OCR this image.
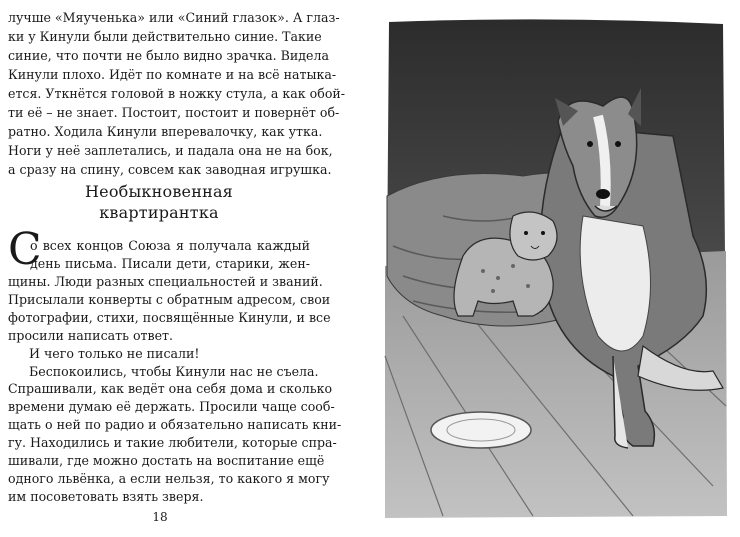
лучше «Мяученька» или «Синий глазок». А глаз-
ки у Кинули были действительно синие. Такие
синие, что почти не было видно зрачка. Видела
Кинули плохо. Идёт по комнате и на всё натыка-
ется. Уткнётся головой в ножку стула, а как обой-
ти её – не знает. Постоит, постоит и повернёт об-
ратно. Ходила Кинули вперевалочку, как утка.
Ноги у неё заплетались, и падала она не на бок,
а сразу на спину, совсем как заводная игрушка.
Необыкновенная
квартирантка
С
о всех концов Союза я получала каждый
день письма. Писали дети, старики, жен-
щины. Люди разных специальностей и званий.
Присылали конверты с обратным адресом, свои
фотографии, стихи, посвящённые Кинули, и все
просили написать ответ.
И чего только не писали!
Беспокоились, чтобы Кинули нас не съела.
Спрашивали, как ведёт она себя дома и сколько
времени думаю её держать. Просили чаще сооб-
щать о ней по радио и обязательно написать кни-
гу. Находились и такие любители, которые спра-
шивали, где можно достать на воспитание ещё
одного львёнка, а если нельзя, то какого я могу
им посоветовать взять зверя.
18
